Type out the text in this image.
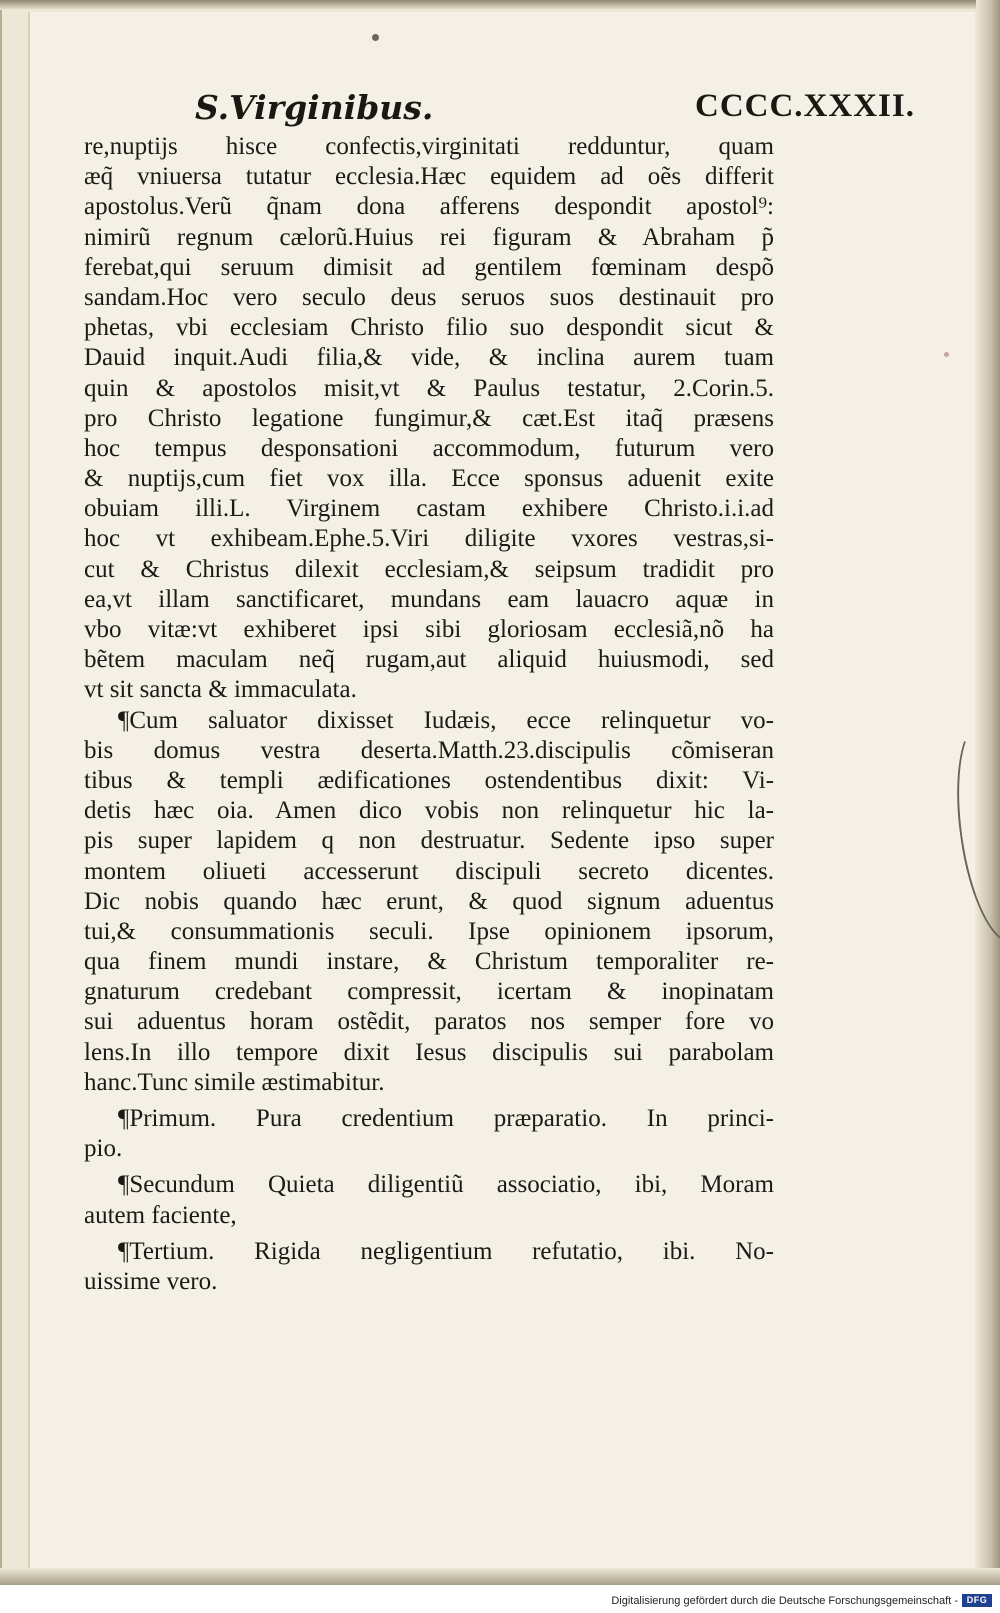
S.Virginibus.	CCCC.XXXII.
re,nuptijs hisce confectis,virginitati redduntur, quam
æq̃ vniuersa tutatur ecclesia.Hæc equidem ad oẽs differit
apostolus.Verũ q̃nam dona afferens despondit apostol⁹:
nimirũ regnum cælorũ.Huius rei figuram & Abraham p̃
ferebat,qui seruum dimisit ad gentilem fœminam despõ
sandam.Hoc vero seculo deus seruos suos destinauit pro
phetas, vbi ecclesiam Christo filio suo despondit sicut &
Dauid inquit.Audi filia,& vide, & inclina aurem tuam
quin & apostolos misit,vt & Paulus testatur, 2.Corin.5.
pro Christo legatione fungimur,& cæt.Est itaq̃ præsens
hoc tempus desponsationi accommodum, futurum vero
& nuptijs,cum fiet vox illa. Ecce sponsus aduenit exite
obuiam illi.L. Virginem castam exhibere Christo.i.i.ad
hoc vt exhibeam.Ephe.5.Viri diligite vxores vestras,si-
cut & Christus dilexit ecclesiam,& seipsum tradidit pro
ea,vt illam sanctificaret, mundans eam lauacro aquæ in
vbo vitæ:vt exhiberet ipsi sibi gloriosam ecclesiã,nõ ha
bẽtem maculam neq̃ rugam,aut aliquid huiusmodi, sed
vt sit sancta & immaculata.
¶Cum saluator dixisset Iudæis, ecce relinquetur vo-
bis domus vestra deserta.Matth.23.discipulis cõmiseran
tibus & templi ædificationes ostendentibus dixit: Vi-
detis hæc oia. Amen dico vobis non relinquetur hic la-
pis super lapidem q non destruatur. Sedente ipso super
montem oliueti accesserunt discipuli secreto dicentes.
Dic nobis quando hæc erunt, & quod signum aduentus
tui,& consummationis seculi. Ipse opinionem ipsorum,
qua finem mundi instare, & Christum temporaliter re-
gnaturum credebant compressit, icertam & inopinatam
sui aduentus horam ostẽdit, paratos nos semper fore vo
lens.In illo tempore dixit Iesus discipulis sui parabolam
hanc.Tunc simile æstimabitur.
¶Primum. Pura credentium præparatio. In princi-
pio.
¶Secundum Quieta diligentiũ associatio, ibi, Moram
autem faciente,
¶Tertium. Rigida negligentium refutatio, ibi. No-
uissime vero.
Digitalisierung gefördert durch die Deutsche Forschungsgemeinschaft - DFG
